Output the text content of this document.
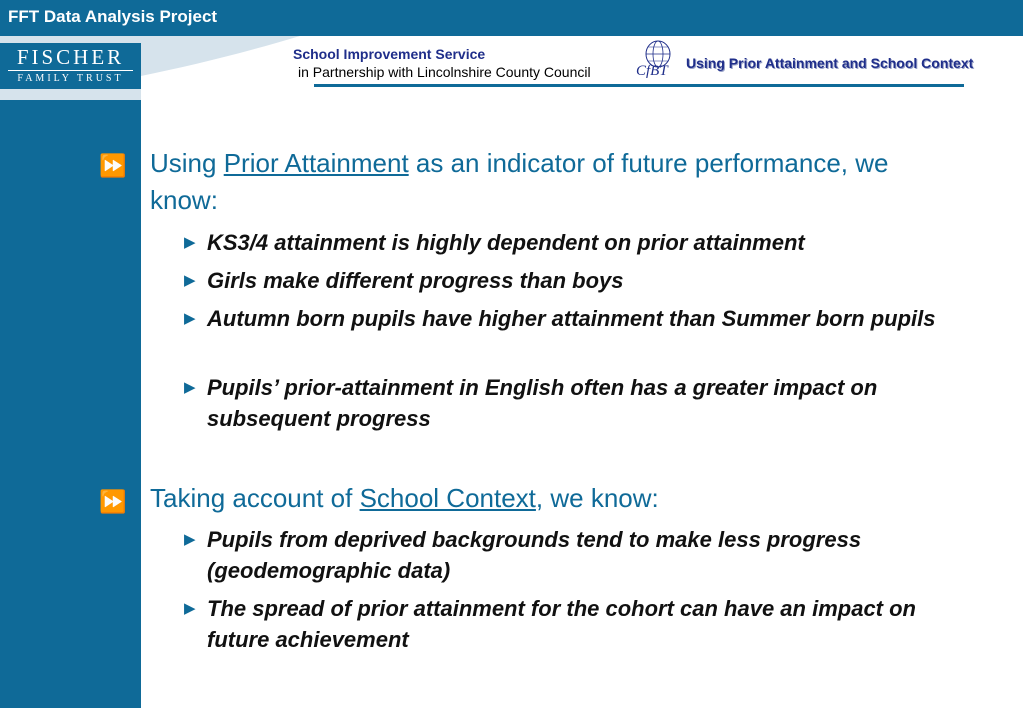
FFT Data Analysis Project
FISCHER
FAMILY TRUST
School Improvement Service
in Partnership with Lincolnshire County Council	CfBT Using Prior Attainment and School Context
⏩ Using Prior Attainment as an indicator of future performance, we know:
▶ KS3/4 attainment is highly dependent on prior attainment
▶ Girls make different progress than boys
▶ Autumn born pupils have higher attainment than Summer born pupils
▶ Pupils’ prior-attainment in English often has a greater impact on subsequent progress
⏩ Taking account of School Context, we know:
▶ Pupils from deprived backgrounds tend to make less progress (geodemographic data)
▶ The spread of prior attainment for the cohort can have an impact on future achievement
